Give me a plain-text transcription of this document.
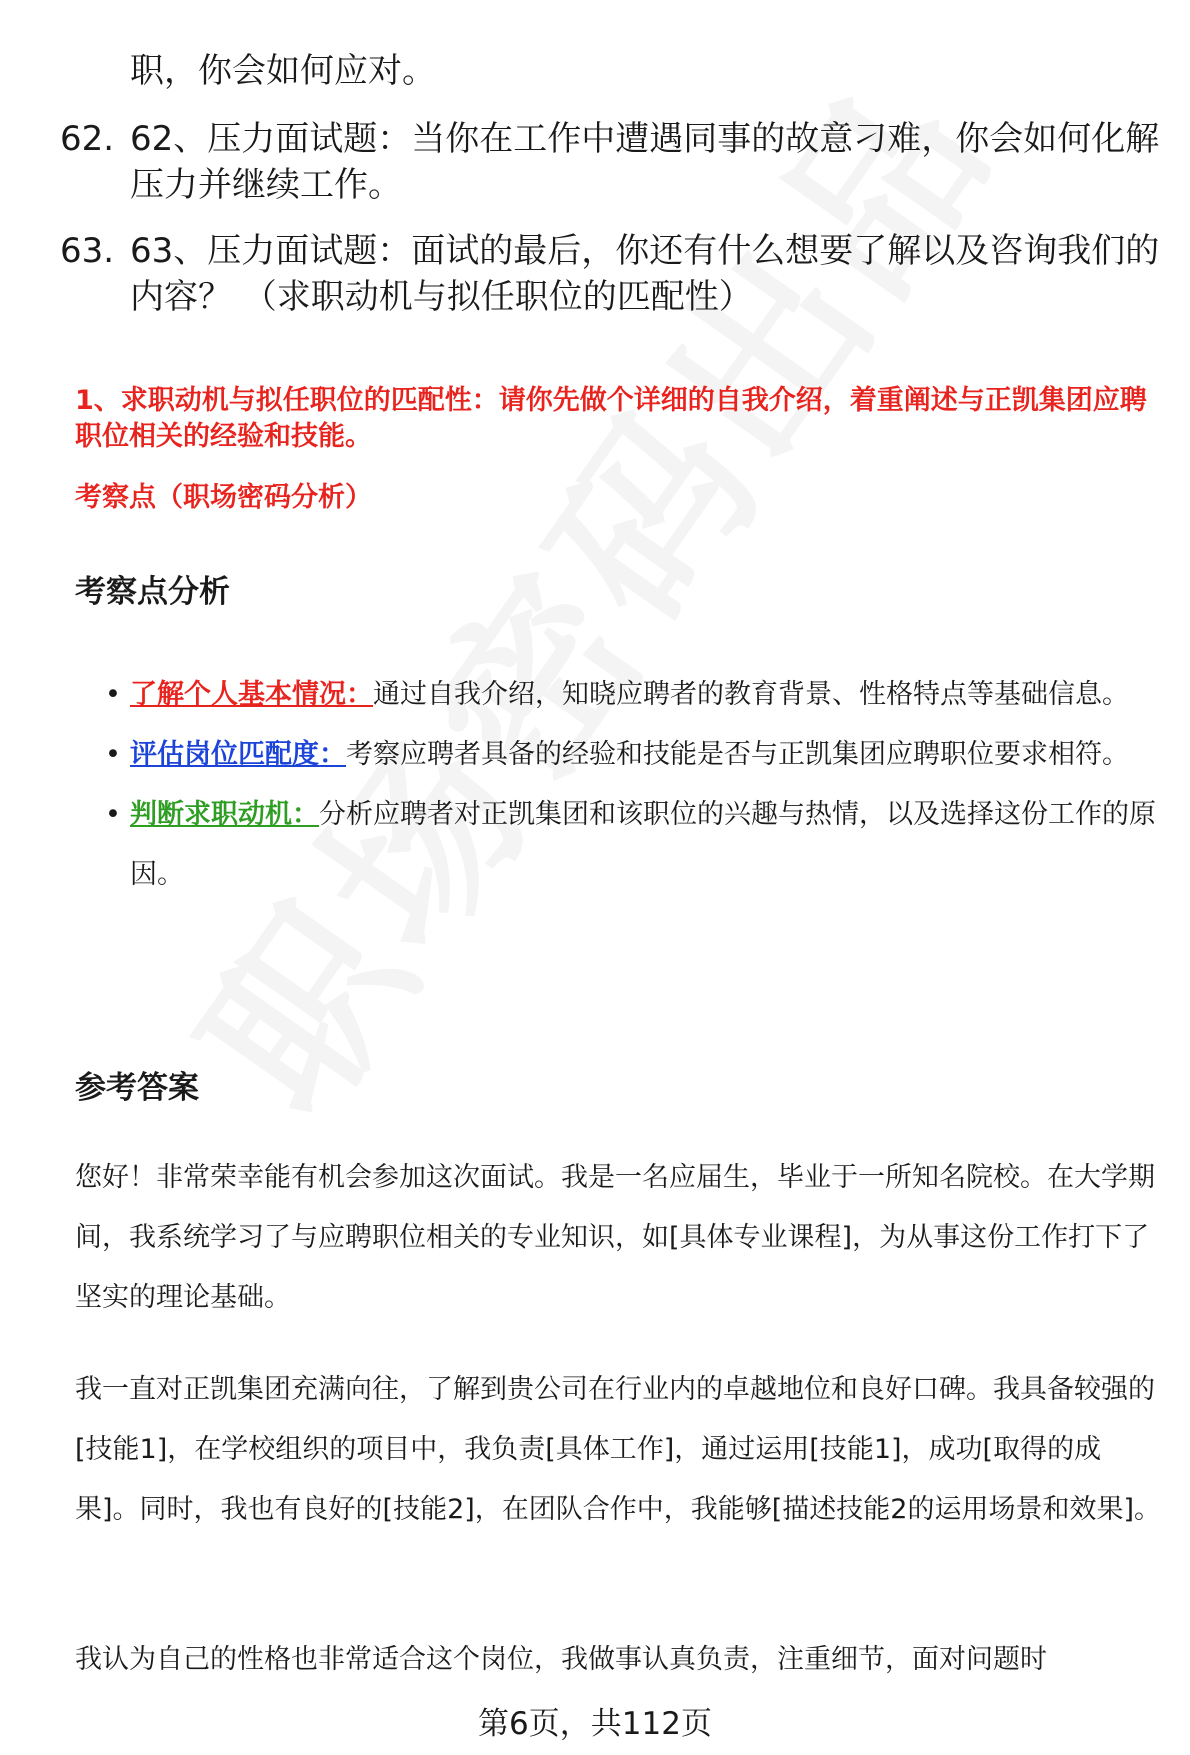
职，你会如何应对。
62. 62、压力面试题：当你在工作中遭遇同事的故意刁难，你会如何化解压力并继续工作。
63. 63、压力面试题：面试的最后，你还有什么想要了解以及咨询我们的内容？ （求职动机与拟任职位的匹配性）
1、求职动机与拟任职位的匹配性：请你先做个详细的自我介绍，着重阐述与正凯集团应聘职位相关的经验和技能。
考察点（职场密码分析）
考察点分析
• 了解个人基本情况：通过自我介绍，知晓应聘者的教育背景、性格特点等基础信息。
• 评估岗位匹配度：考察应聘者具备的经验和技能是否与正凯集团应聘职位要求相符。
• 判断求职动机：分析应聘者对正凯集团和该职位的兴趣与热情，以及选择这份工作的原因。
参考答案

您好！非常荣幸能有机会参加这次面试。我是一名应届生，毕业于一所知名院校。在大学期间，我系统学习了与应聘职位相关的专业知识，如[具体专业课程]，为从事这份工作打下了坚实的理论基础。

我一直对正凯集团充满向往，了解到贵公司在行业内的卓越地位和良好口碑。我具备较强的[技能1]，在学校组织的项目中，我负责[具体工作]，通过运用[技能1]，成功[取得的成果]。同时，我也有良好的[技能2]，在团队合作中，我能够[描述技能2的运用场景和效果]。

我认为自己的性格也非常适合这个岗位，我做事认真负责，注重细节，面对问题时

第6页，共112页
